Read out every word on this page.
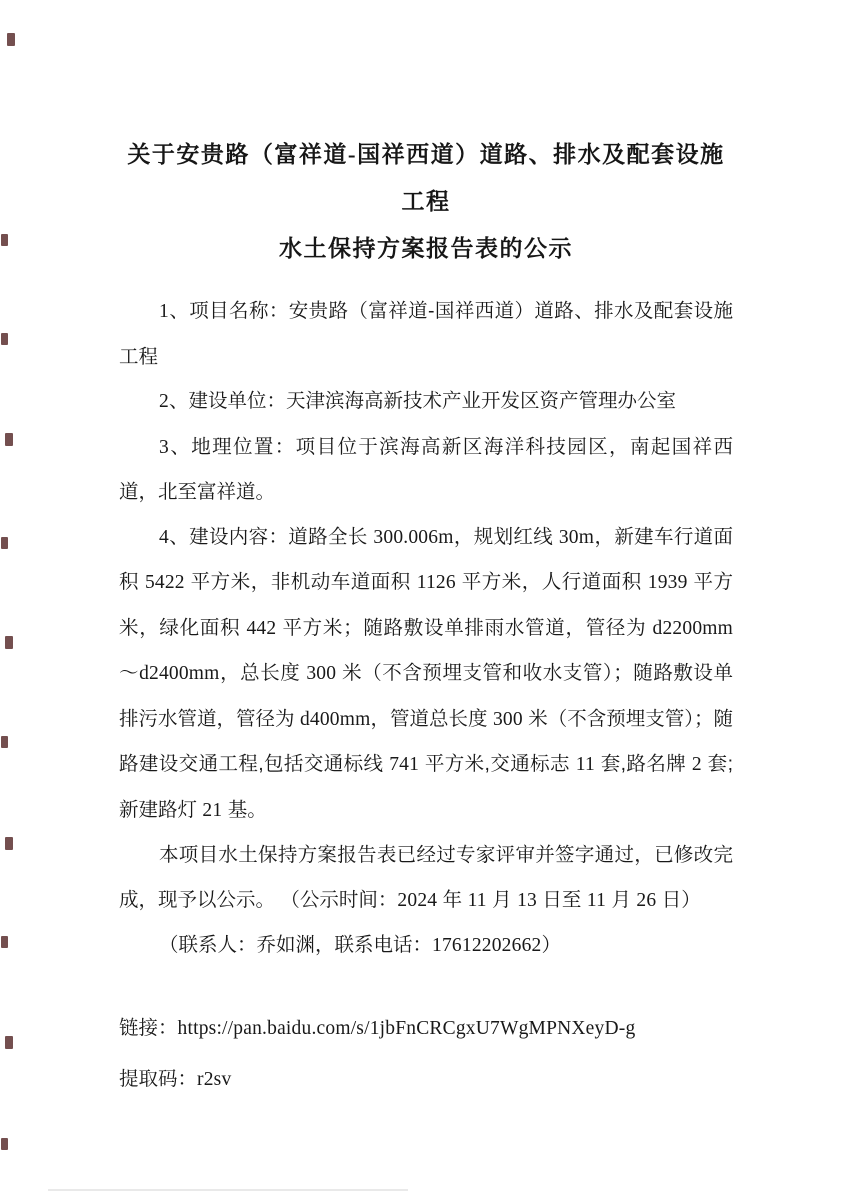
关于安贵路（富祥道-国祥西道）道路、排水及配套设施工程
水土保持方案报告表的公示

1、项目名称：安贵路（富祥道-国祥西道）道路、排水及配套设施工程

2、建设单位：天津滨海高新技术产业开发区资产管理办公室

3、地理位置：项目位于滨海高新区海洋科技园区，南起国祥西道，北至富祥道。

4、建设内容：道路全长 300.006m，规划红线 30m，新建车行道面积 5422 平方米，非机动车道面积 1126 平方米，人行道面积 1939 平方米，绿化面积 442 平方米；随路敷设单排雨水管道，管径为 d2200mm～d2400mm，总长度 300 米（不含预埋支管和收水支管）；随路敷设单排污水管道，管径为 d400mm，管道总长度 300 米（不含预埋支管）；随路建设交通工程,包括交通标线 741 平方米,交通标志 11 套,路名牌 2 套;新建路灯 21 基。

本项目水土保持方案报告表已经过专家评审并签字通过，已修改完成，现予以公示。 （公示时间：2024 年 11 月 13 日至 11 月 26 日）

（联系人：乔如渊，联系电话：17612202662）

链接：https://pan.baidu.com/s/1jbFnCRCgxU7WgMPNXeyD-g

提取码：r2sv
